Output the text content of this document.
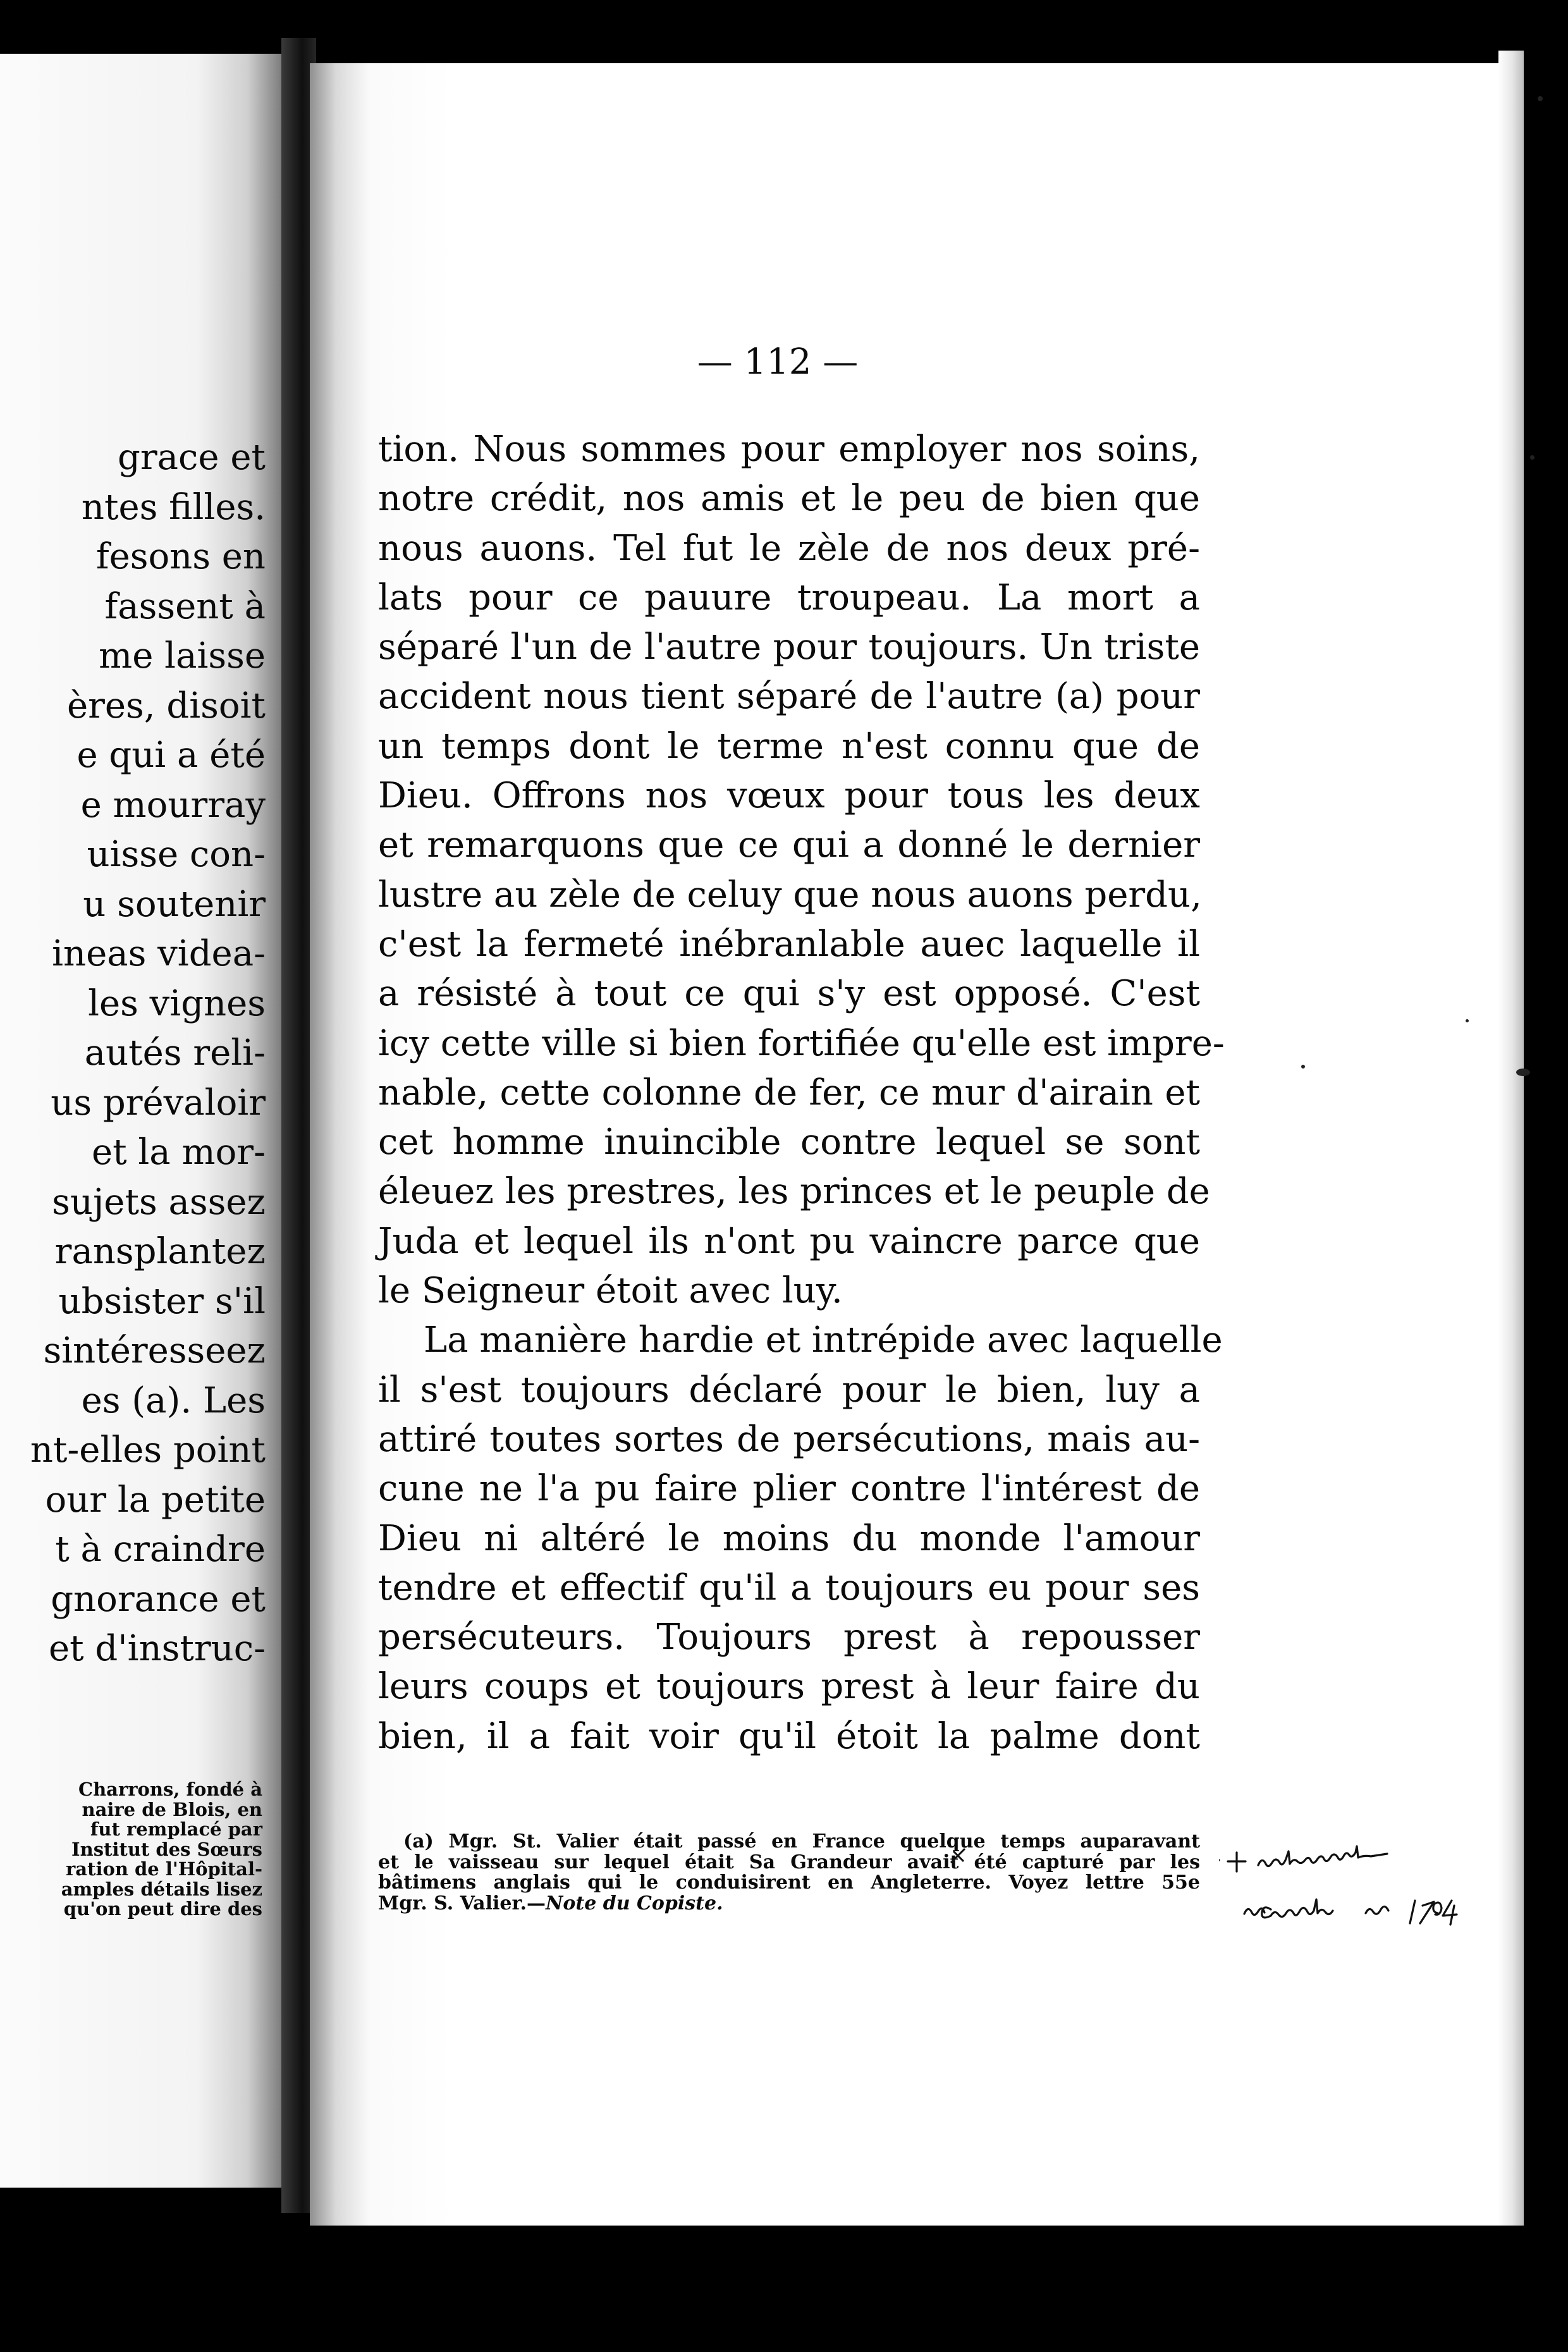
grace et
ntes filles.
fesons en
fassent à
me laisse
ères, disoit
e qui a été
e mourray
uisse con-
u soutenir
ineas videa-
les vignes
autés reli-
us prévaloir
et la mor-
sujets assez
ransplantez
ubsister s'il
sintéresseez
es (a). Les
nt-elles point
our la petite
t à craindre
gnorance et
et d'instruc-
Charrons, fondé à
naire de Blois, en
fut remplacé par
Institut des Sœurs
ration de l'Hôpital-
amples détails lisez
qu'on peut dire des
— 112 —
tion. Nous sommes pour employer nos soins,
notre crédit, nos amis et le peu de bien que
nous auons. Tel fut le zèle de nos deux pré-
lats pour ce pauure troupeau. La mort a
séparé l'un de l'autre pour toujours. Un triste
accident nous tient séparé de l'autre (a) pour
un temps dont le terme n'est connu que de
Dieu. Offrons nos vœux pour tous les deux
et remarquons que ce qui a donné le dernier
lustre au zèle de celuy que nous auons perdu,
c'est la fermeté inébranlable auec laquelle il
a résisté à tout ce qui s'y est opposé. C'est
icy cette ville si bien fortifiée qu'elle est impre-
nable, cette colonne de fer, ce mur d'airain et
cet homme inuincible contre lequel se sont
éleuez les prestres, les princes et le peuple de
Juda et lequel ils n'ont pu vaincre parce que
le Seigneur étoit avec luy.
La manière hardie et intrépide avec laquelle
il s'est toujours déclaré pour le bien, luy a
attiré toutes sortes de persécutions, mais au-
cune ne l'a pu faire plier contre l'intérest de
Dieu ni altéré le moins du monde l'amour
tendre et effectif qu'il a toujours eu pour ses
persécuteurs. Toujours prest à repousser
leurs coups et toujours prest à leur faire du
bien, il a fait voir qu'il étoit la palme dont
(a) Mgr. St. Valier était passé en France quelque temps auparavant
et le vaisseau sur lequel était Sa Grandeur avait été capturé par les
bâtimens anglais qui le conduisirent en Angleterre. Voyez lettre 55e
Mgr. S. Valier.—Note du Copiste.
